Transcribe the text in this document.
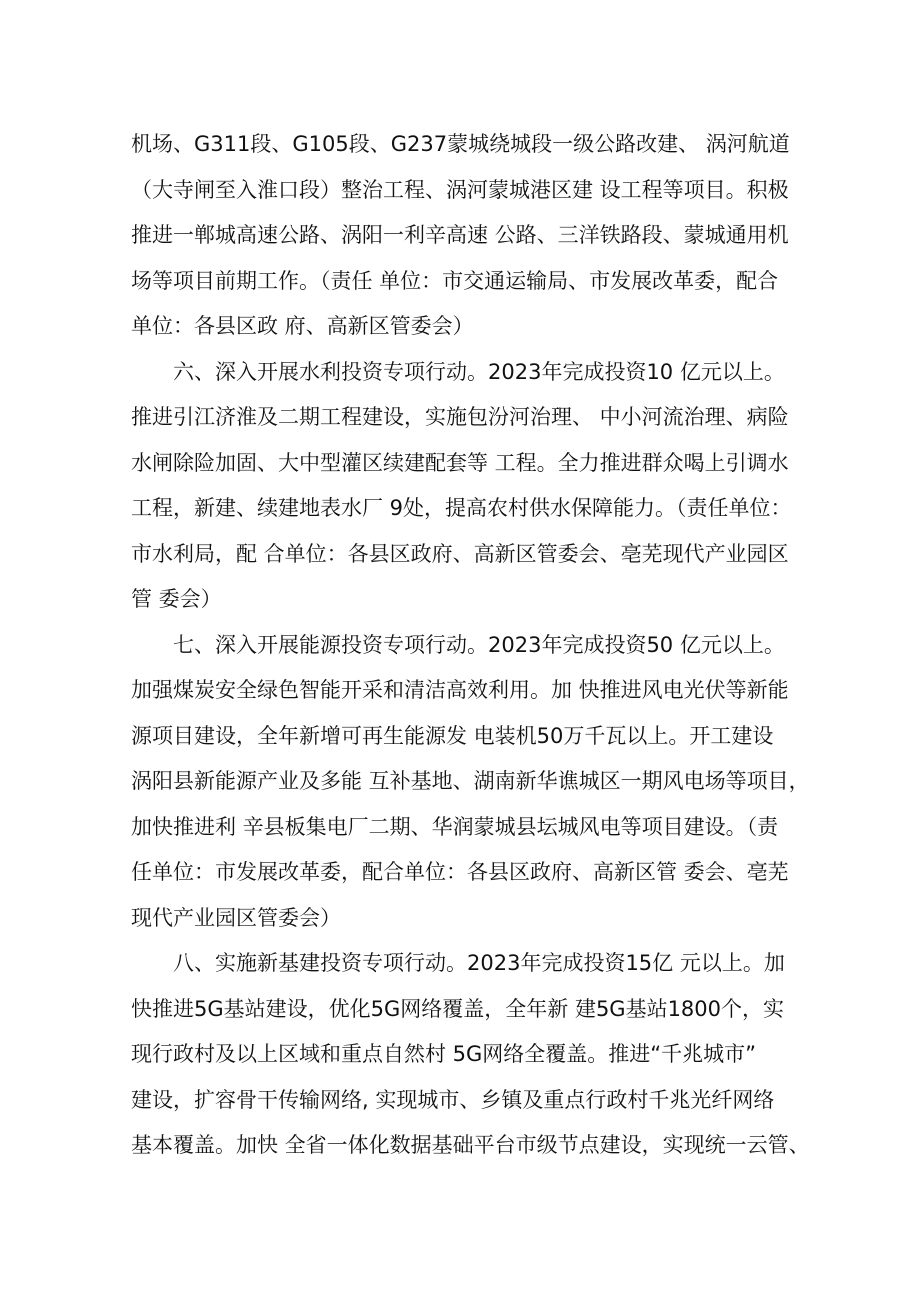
机场、G311段、G105段、G237蒙城绕城段一级公路改建、 涡河航道
（大寺闸至入淮口段）整治工程、涡河蒙城港区建 设工程等项目。积极
推进一郸城高速公路、涡阳一利辛高速 公路、三洋铁路段、蒙城通用机
场等项目前期工作。（责任 单位：市交通运输局、市发展改革委，配合
单位：各县区政 府、高新区管委会）
六、深入开展水利投资专项行动。2023年完成投资10 亿元以上。
推进引江济淮及二期工程建设，实施包汾河治理、 中小河流治理、病险
水闸除险加固、大中型灌区续建配套等 工程。全力推进群众喝上引调水
工程，新建、续建地表水厂 9处，提高农村供水保障能力。（责任单位：
市水利局，配 合单位：各县区政府、高新区管委会、亳芜现代产业园区
管 委会）
七、深入开展能源投资专项行动。2023年完成投资50 亿元以上。
加强煤炭安全绿色智能开采和清洁高效利用。加 快推进风电光伏等新能
源项目建设，全年新增可再生能源发 电装机50万千瓦以上。开工建设
涡阳县新能源产业及多能 互补基地、湖南新华谯城区一期风电场等项目，
加快推进利 辛县板集电厂二期、华润蒙城县坛城风电等项目建设。（责
任单位：市发展改革委，配合单位：各县区政府、高新区管 委会、亳芜
现代产业园区管委会）
八、实施新基建投资专项行动。2023年完成投资15亿 元以上。加
快推进5G基站建设，优化5G网络覆盖，全年新 建5G基站1800个，实
现行政村及以上区域和重点自然村 5G网络全覆盖。推进“千兆城市”
建设，扩容骨干传输网络, 实现城市、乡镇及重点行政村千兆光纤网络
基本覆盖。加快 全省一体化数据基础平台市级节点建设，实现统一云管、
